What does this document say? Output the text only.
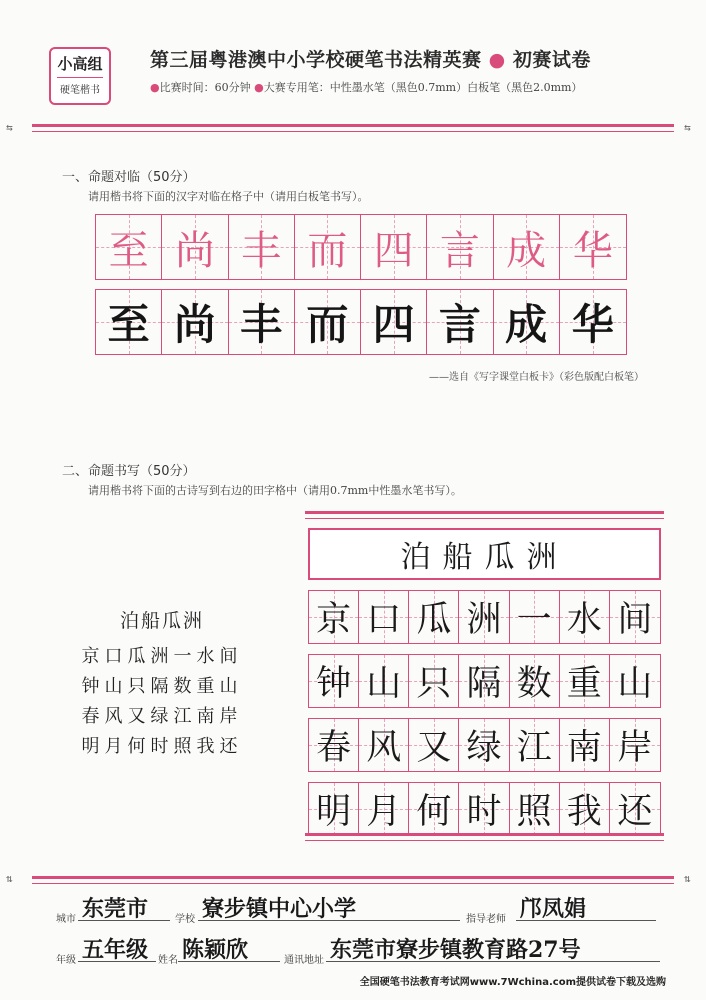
小高组
硬笔楷书
第三届粤港澳中小学校硬笔书法精英赛 ● 初赛试卷
●比赛时间：60分钟 ●大赛专用笔：中性墨水笔（黑色0.7mm）白板笔（黑色2.0mm）
⇆	⇆
一、命题对临（50分）
请用楷书将下面的汉字对临在格子中（请用白板笔书写）。
至 尚 丰 而 四 言 成 华
至 尚 丰 而 四 言 成 华
——选自《写字课堂白板卡》（彩色版配白板笔）
二、命题书写（50分）
请用楷书将下面的古诗写到右边的田字格中（请用0.7mm中性墨水笔书写）。
泊船瓜洲
京口瓜洲一水间
钟山只隔数重山
春风又绿江南岸
明月何时照我还
泊船瓜洲
京 口 瓜 洲 一 水 间
钟 山 只 隔 数 重 山
春 风 又 绿 江 南 岸
明 月 何 时 照 我 还
⇅	⇅
城市 东莞市	学校 寮步镇中心小学	指导老师 邝凤娟
年级 五年级 姓名 陈颖欣	通讯地址 东莞市寮步镇教育路27号
全国硬笔书法教育考试网www.7Wchina.com提供试卷下载及选购
